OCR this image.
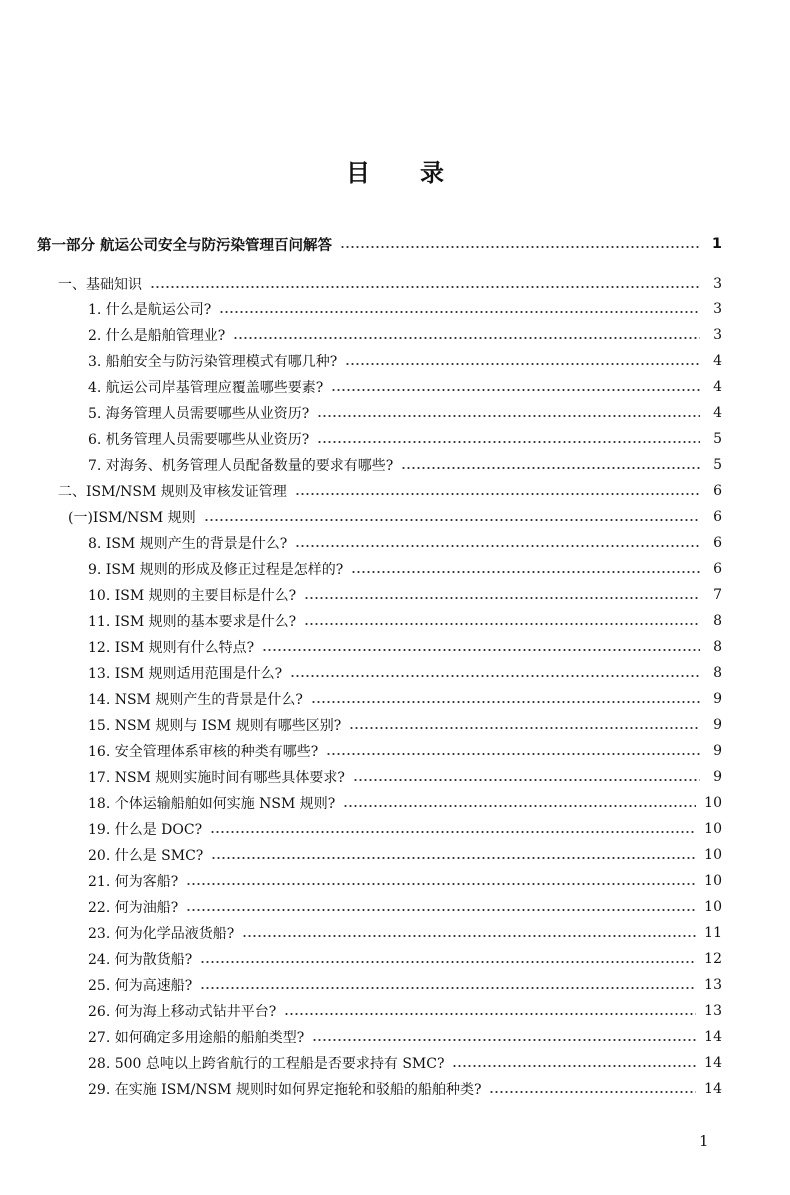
目录
第一部分 航运公司安全与防污染管理百问解答	1
一、基础知识	3
1. 什么是航运公司?	3
2. 什么是船舶管理业?	3
3. 船舶安全与防污染管理模式有哪几种?	4
4. 航运公司岸基管理应覆盖哪些要素?	4
5. 海务管理人员需要哪些从业资历?	4
6. 机务管理人员需要哪些从业资历?	5
7. 对海务、机务管理人员配备数量的要求有哪些?	5
二、ISM/NSM 规则及审核发证管理	6
(一)ISM/NSM 规则	6
8. ISM 规则产生的背景是什么?	6
9. ISM 规则的形成及修正过程是怎样的?	6
10. ISM 规则的主要目标是什么?	7
11. ISM 规则的基本要求是什么?	8
12. ISM 规则有什么特点?	8
13. ISM 规则适用范围是什么?	8
14. NSM 规则产生的背景是什么?	9
15. NSM 规则与 ISM 规则有哪些区别?	9
16. 安全管理体系审核的种类有哪些?	9
17. NSM 规则实施时间有哪些具体要求?	9
18. 个体运输船舶如何实施 NSM 规则?	10
19. 什么是 DOC?	10
20. 什么是 SMC?	10
21. 何为客船?	10
22. 何为油船?	10
23. 何为化学品液货船?	11
24. 何为散货船?	12
25. 何为高速船?	13
26. 何为海上移动式钻井平台?	13
27. 如何确定多用途船的船舶类型?	14
28. 500 总吨以上跨省航行的工程船是否要求持有 SMC?	14
29. 在实施 ISM/NSM 规则时如何界定拖轮和驳船的船舶种类?	14
1
